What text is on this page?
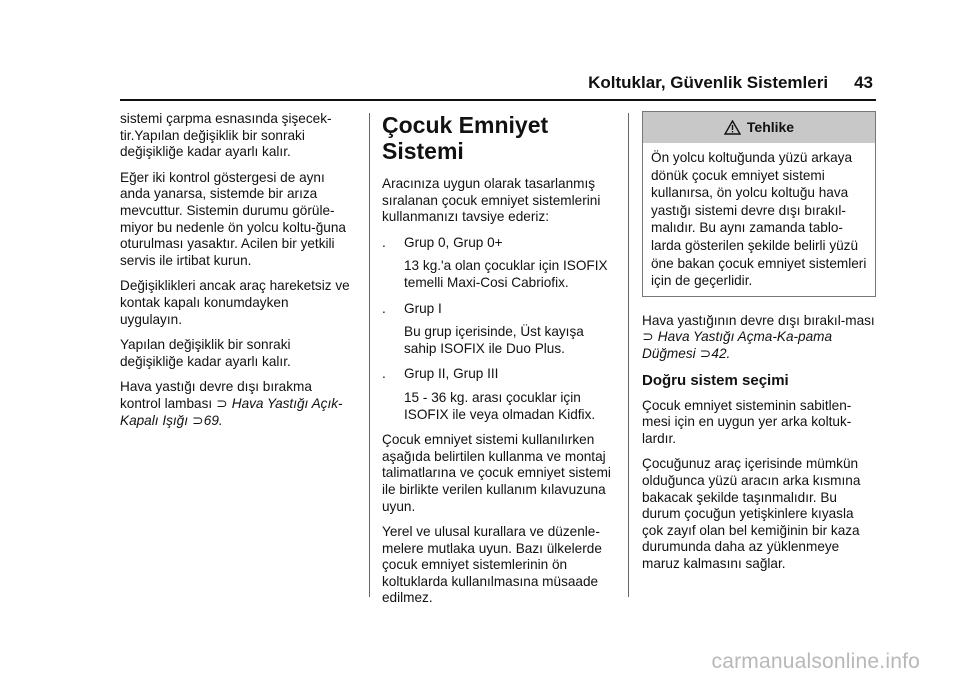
Koltuklar, Güvenlik Sistemleri 43

sistemi çarpma esnasında şişecek-tir.Yapılan değişiklik bir sonraki değişikliğe kadar ayarlı kalır.

Eğer iki kontrol göstergesi de aynı anda yanarsa, sistemde bir arıza mevcuttur. Sistemin durumu görüle-miyor bu nedenle ön yolcu koltu-ğuna oturulması yasaktır. Acilen bir yetkili servis ile irtibat kurun.

Değişiklikleri ancak araç hareketsiz ve kontak kapalı konumdayken uygulayın.

Yapılan değişiklik bir sonraki değişikliğe kadar ayarlı kalır.

Hava yastığı devre dışı bırakma kontrol lambası ⊃ Hava Yastığı Açık-Kapalı Işığı ⊃69.

Çocuk Emniyet Sistemi

Aracınıza uygun olarak tasarlanmış sıralanan çocuk emniyet sistemlerini kullanmanızı tavsiye ederiz:

. Grup 0, Grup 0+

13 kg.'a olan çocuklar için ISOFIX temelli Maxi-Cosi Cabriofix.

. Grup I

Bu grup içerisinde, Üst kayışa sahip ISOFIX ile Duo Plus.

. Grup II, Grup III

15 - 36 kg. arası çocuklar için ISOFIX ile veya olmadan Kidfix.

Çocuk emniyet sistemi kullanılırken aşağıda belirtilen kullanma ve montaj talimatlarına ve çocuk emniyet sistemi ile birlikte verilen kullanım kılavuzuna uyun.

Yerel ve ulusal kurallara ve düzenle-melere mutlaka uyun. Bazı ülkelerde çocuk emniyet sistemlerinin ön koltuklarda kullanılmasına müsaade edilmez.

Tehlike
Ön yolcu koltuğunda yüzü arkaya dönük çocuk emniyet sistemi kullanırsa, ön yolcu koltuğu hava yastığı sistemi devre dışı bırakıl-malıdır. Bu aynı zamanda tablo-larda gösterilen şekilde belirli yüzü öne bakan çocuk emniyet sistemleri için de geçerlidir.

Hava yastığının devre dışı bırakıl-ması ⊃ Hava Yastığı Açma-Ka-pama Düğmesi ⊃42.

Doğru sistem seçimi

Çocuk emniyet sisteminin sabitlen-mesi için en uygun yer arka koltuk-lardır.

Çocuğunuz araç içerisinde mümkün olduğunca yüzü aracın arka kısmına bakacak şekilde taşınmalıdır. Bu durum çocuğun yetişkinlere kıyasla çok zayıf olan bel kemiğinin bir kaza durumunda daha az yüklenmeye maruz kalmasını sağlar.

carmanualsonline.info
